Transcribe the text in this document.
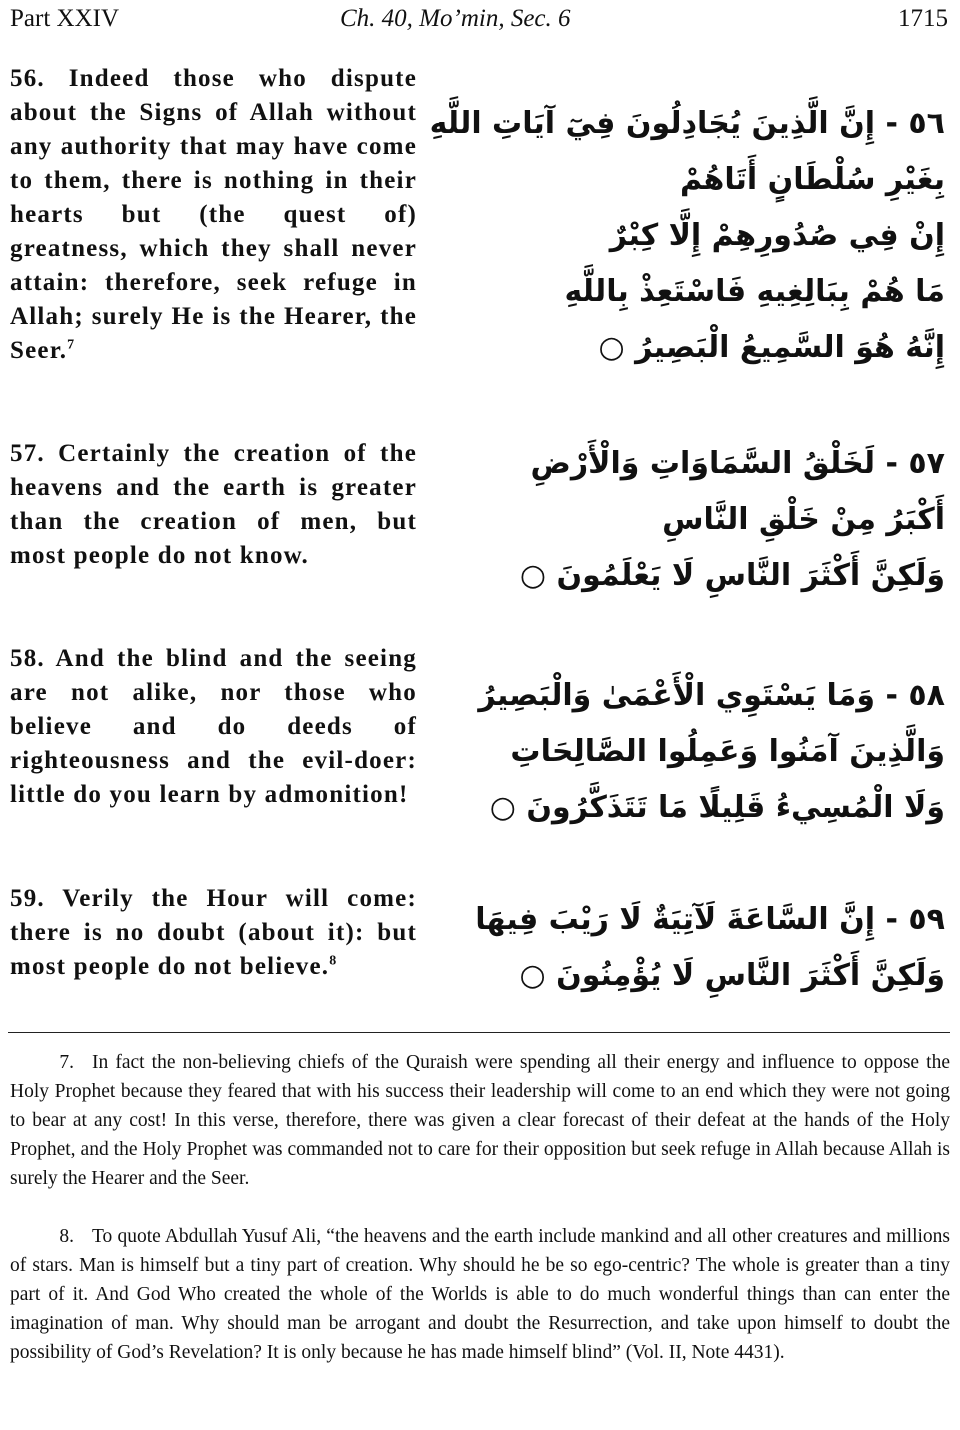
Part XXIV	Ch. 40, Mo’min, Sec. 6	1715
56. Indeed those who dispute about the Signs of Allah without any authority that may have come to them, there is nothing in their hearts but (the quest of) greatness, which they shall never attain: therefore, seek refuge in Allah; surely He is the Hearer, the Seer.$^7$
٥٦ - إِنَّ الَّذِينَ يُجَادِلُونَ فِيٓ آيَاتِ اللَّهِ
بِغَيْرِ سُلْطَانٍ أَتَاهُمْ
إِنْ فِي صُدُورِهِمْ إِلَّا كِبْرٌ
مَا هُمْ بِبَالِغِيهِ فَاسْتَعِذْ بِاللَّهِ
إِنَّهُ هُوَ السَّمِيعُ الْبَصِيرُ ○
57. Certainly the creation of the heavens and the earth is greater than the creation of men, but most people do not know.
٥٧ - لَخَلْقُ السَّمَاوَاتِ وَالْأَرْضِ
أَكْبَرُ مِنْ خَلْقِ النَّاسِ
وَلَكِنَّ أَكْثَرَ النَّاسِ لَا يَعْلَمُونَ ○
58. And the blind and the seeing are not alike, nor those who believe and do deeds of righteousness and the evil-doer: little do you learn by admonition!
٥٨ - وَمَا يَسْتَوِي الْأَعْمَىٰ وَالْبَصِيرُ
وَالَّذِينَ آمَنُوا وَعَمِلُوا الصَّالِحَاتِ
وَلَا الْمُسِيءُ قَلِيلًا مَا تَتَذَكَّرُونَ ○
59. Verily the Hour will come: there is no doubt (about it): but most people do not believe.$^8$
٥٩ - إِنَّ السَّاعَةَ لَآتِيَةٌ لَا رَيْبَ فِيهَا
وَلَكِنَّ أَكْثَرَ النَّاسِ لَا يُؤْمِنُونَ ○
7. In fact the non-believing chiefs of the Quraish were spending all their energy and influence to oppose the Holy Prophet because they feared that with his success their leadership will come to an end which they were not going to bear at any cost! In this verse, therefore, there was given a clear forecast of their defeat at the hands of the Holy Prophet, and the Holy Prophet was commanded not to care for their opposition but seek refuge in Allah because Allah is surely the Hearer and the Seer.
8. To quote Abdullah Yusuf Ali, “the heavens and the earth include mankind and all other creatures and millions of stars. Man is himself but a tiny part of creation. Why should he be so ego-centric? The whole is greater than a tiny part of it. And God Who created the whole of the Worlds is able to do much wonderful things than can enter the imagination of man. Why should man be arrogant and doubt the Resurrection, and take upon himself to doubt the possibility of God’s Revelation? It is only because he has made himself blind” (Vol. II, Note 4431).
